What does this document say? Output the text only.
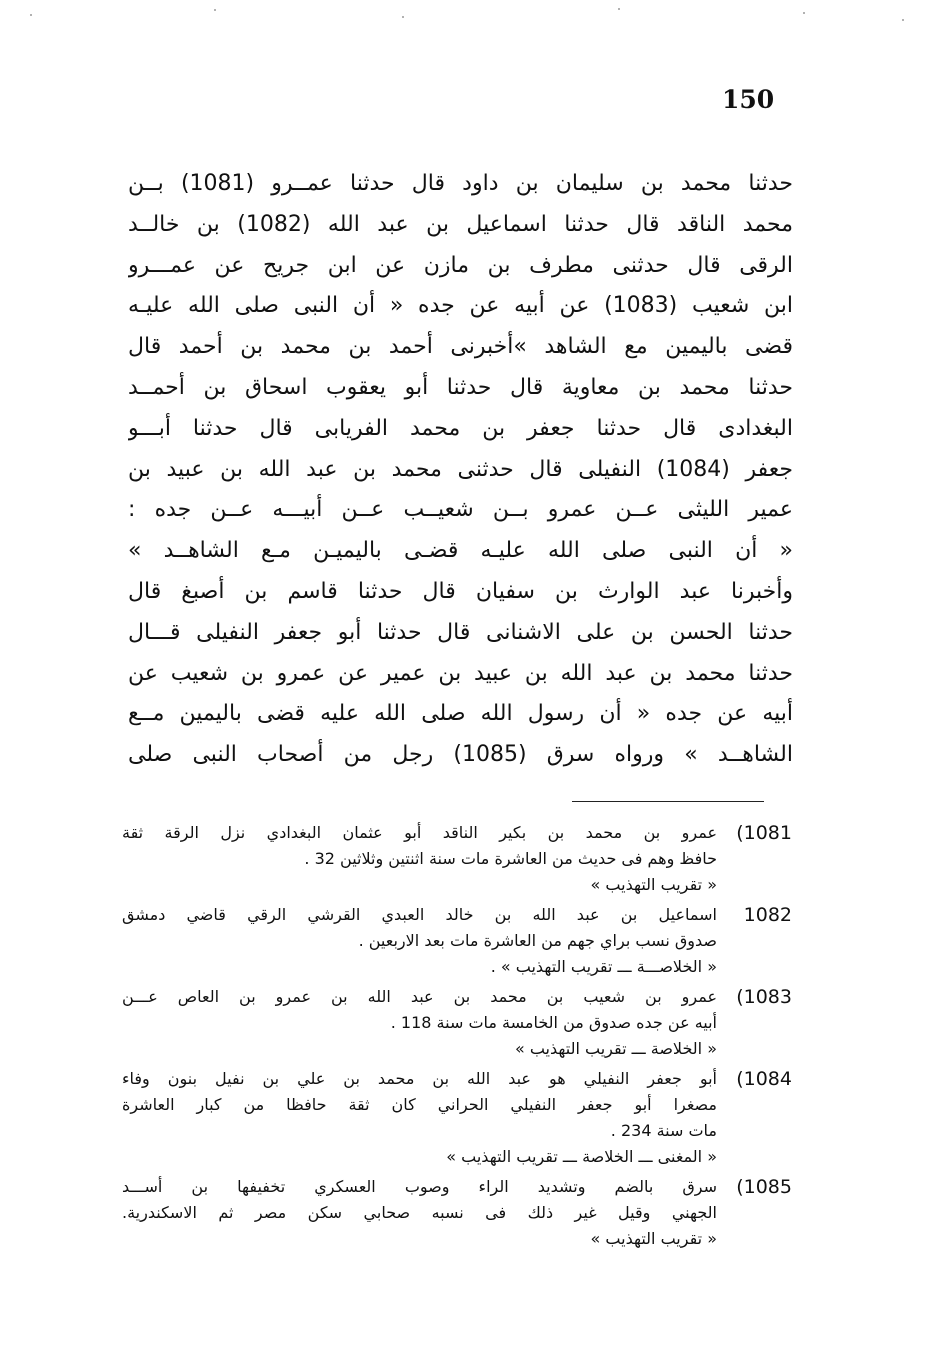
150
حدثنا محمد بن سليمان بن داود قال حدثنا عمــرو (1081) بــن
محمد الناقد قال حدثنا اسماعيل بن عبد الله (1082) بن خالــد
الرقى قال حدثنى مطرف بن مازن عن ابن جريح عن عمـــرو
ابن شعيب (1083) عن أبيه عن جده « أن النبى صلى الله عليـه
قضى باليمين مع الشاهد »أخبرنى أحمد بن محمد بن أحمد قال
حدثنا محمد بن معاوية قال حدثنا أبو يعقوب اسحاق بن أحمــد
البغدادى قال حدثنا جعفر بن محمد الفريابى قال حدثنا أبـــو
جعفر (1084) النفيلى قال حدثنى محمد بن عبد الله بن عبيد بن
عمير الليثى عــن عمرو بــن شعيــب عــن أبيـــه عــن جده :
« أن النبى صلى الله عليـه قضـى باليميـن مـع الشاهــد »
وأخبرنا عبد الوارث بن سفيان قال حدثنا قاسم بن أصبغ قال
حدثنا الحسن بن على الاشنانى قال حدثنا أبو جعفر النفيلى قـــال
حدثنا محمد بن عبد الله بن عبيد بن عمير عن عمرو بن شعيب عن
أبيه عن جده « أن رسول الله صلى الله عليه قضى باليمين مــع
الشاهــد » ورواه سرق (1085) رجل من أصحاب النبى صلى
(1081
عمرو بن محمد بن بكير الناقد أبو عثمان البغدادي نزل الرقة ثقة
حافظ وهم فى حديث من العاشرة مات سنة اثنتين وثلاثين 32 .
« تقريب التهذيب »
1082
اسماعيل بن عبد الله بن خالد العبدي القرشي الرقي قاضي دمشق
صدوق نسب براي جهم من العاشرة مات بعد الاربعين .
« الخلاصـــة ـــ تقريب التهذيب » .
(1083
عمرو بن شعيب بن محمد بن عبد الله بن عمرو بن العاص عـــن
أبيه عن جده صدوق من الخامسة مات سنة 118 .
« الخلاصة ـــ تقريب التهذيب »
(1084
أبو جعفر النفيلي هو عبد الله بن محمد بن علي بن نفيل بنون وفاء
مصغرا أبو جعفر النفيلي الحراني كان ثقة حافظا من كبار العاشرة
مات سنة 234 .
« المغنى ـــ الخلاصة ـــ تقريب التهذيب »
(1085
سرق بالضم وتشديد الراء وصوب العسكري تخفيفها بن أســـد
الجهني وقيل غير ذلك فى نسبه صحابي سكن مصر ثم الاسكندرية.
« تقريب التهذيب »
